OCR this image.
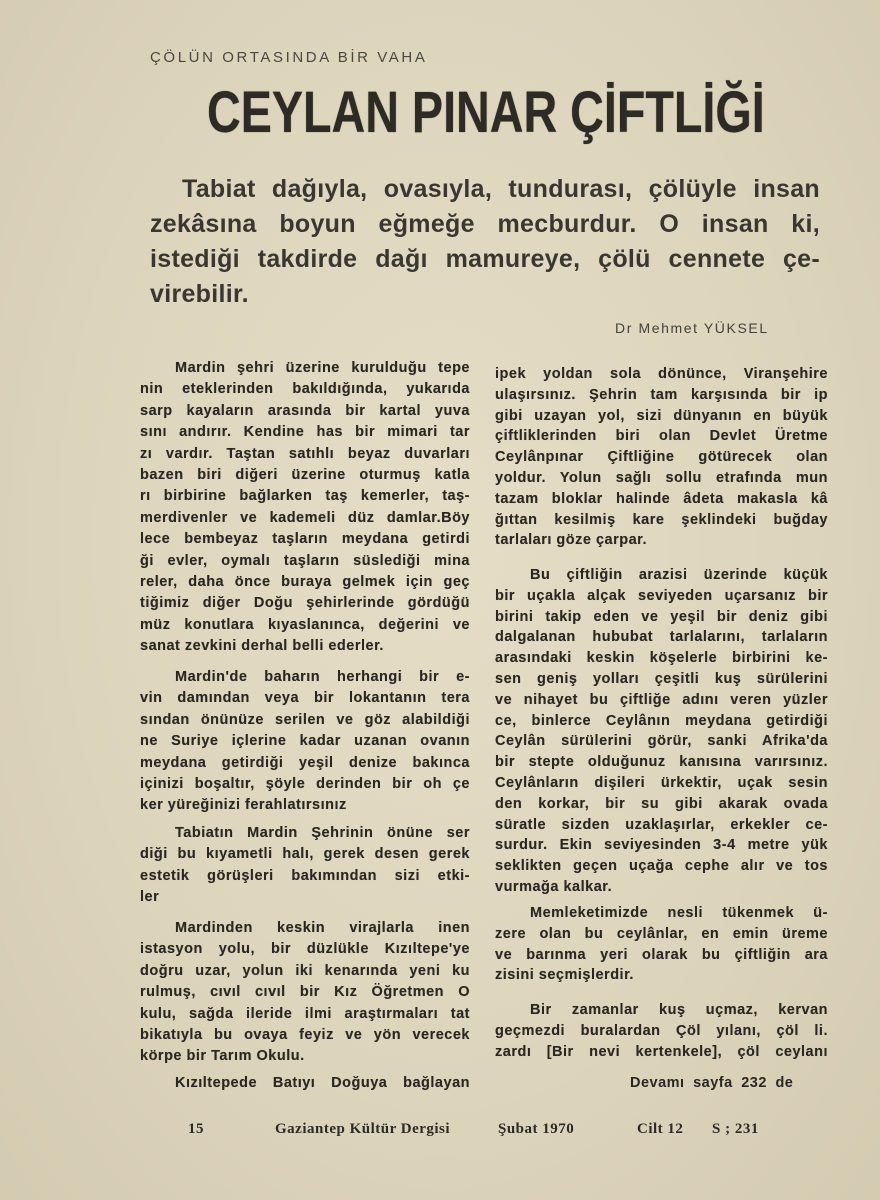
ÇÖLÜN ORTASINDA BİR VAHA
CEYLAN PINAR ÇİFTLİĞİ
Tabiat dağıyla, ovasıyla, tundurası, çölüyle insan
zekâsına boyun eğmeğe mecburdur. O insan ki,
istediği takdirde dağı mamureye, çölü cennete çe-
virebilir.
Dr Mehmet YÜKSEL
Mardin şehri üzerine kurulduğu tepe
nin eteklerinden bakıldığında, yukarıda
sarp kayaların arasında bir kartal yuva
sını andırır. Kendine has bir mimari tar
zı vardır. Taştan satıhlı beyaz duvarları
bazen biri diğeri üzerine oturmuş katla
rı birbirine bağlarken taş kemerler, taş-
merdivenler ve kademeli düz damlar.Böy
lece bembeyaz taşların meydana getirdi
ği evler, oymalı taşların süslediği mina
reler, daha önce buraya gelmek için geç
tiğimiz diğer Doğu şehirlerinde gördüğü
müz konutlara kıyaslanınca, değerini ve
sanat zevkini derhal belli ederler.
Mardin'de baharın herhangi bir e-
vin damından veya bir lokantanın tera
sından önünüze serilen ve göz alabildiği
ne Suriye içlerine kadar uzanan ovanın
meydana getirdiği yeşil denize bakınca
içinizi boşaltır, şöyle derinden bir oh çe
ker yüreğinizi ferahlatırsınız
Tabiatın Mardin Şehrinin önüne ser
diği bu kıyametli halı, gerek desen gerek
estetik görüşleri bakımından sizi etki-
ler
Mardinden keskin virajlarla inen
istasyon yolu, bir düzlükle Kızıltepe'ye
doğru uzar, yolun iki kenarında yeni ku
rulmuş, cıvıl cıvıl bir Kız Öğretmen O
kulu, sağda ileride ilmi araştırmaları tat
bikatıyla bu ovaya feyiz ve yön verecek
körpe bir Tarım Okulu.
Kızıltepede Batıyı Doğuya bağlayan
ipek yoldan sola dönünce, Viranşehire
ulaşırsınız. Şehrin tam karşısında bir ip
gibi uzayan yol, sizi dünyanın en büyük
çiftliklerinden biri olan Devlet Üretme
Ceylânpınar Çiftliğine götürecek olan
yoldur. Yolun sağlı sollu etrafında mun
tazam bloklar halinde âdeta makasla kâ
ğıttan kesilmiş kare şeklindeki buğday
tarlaları göze çarpar.
Bu çiftliğin arazisi üzerinde küçük
bir uçakla alçak seviyeden uçarsanız bir
birini takip eden ve yeşil bir deniz gibi
dalgalanan hububat tarlalarını, tarlaların
arasındaki keskin köşelerle birbirini ke-
sen geniş yolları çeşitli kuş sürülerini
ve nihayet bu çiftliğe adını veren yüzler
ce, binlerce Ceylânın meydana getirdiği
Ceylân sürülerini görür, sanki Afrika'da
bir stepte olduğunuz kanısına varırsınız.
Ceylânların dişileri ürkektir, uçak sesin
den korkar, bir su gibi akarak ovada
süratle sizden uzaklaşırlar, erkekler ce-
surdur. Ekin seviyesinden 3-4 metre yük
seklikten geçen uçağa cephe alır ve tos
vurmağa kalkar.
Memleketimizde nesli tükenmek ü-
zere olan bu ceylânlar, en emin üreme
ve barınma yeri olarak bu çiftliğin ara
zisini seçmişlerdir.
Bir zamanlar kuş uçmaz, kervan
geçmezdi buralardan Çöl yılanı, çöl li.
zardı [Bir nevi kertenkele], çöl ceylanı
Devamı sayfa 232 de
15	Gaziantep Kültür Dergisi	Şubat 1970	Cilt 12 S ; 231
